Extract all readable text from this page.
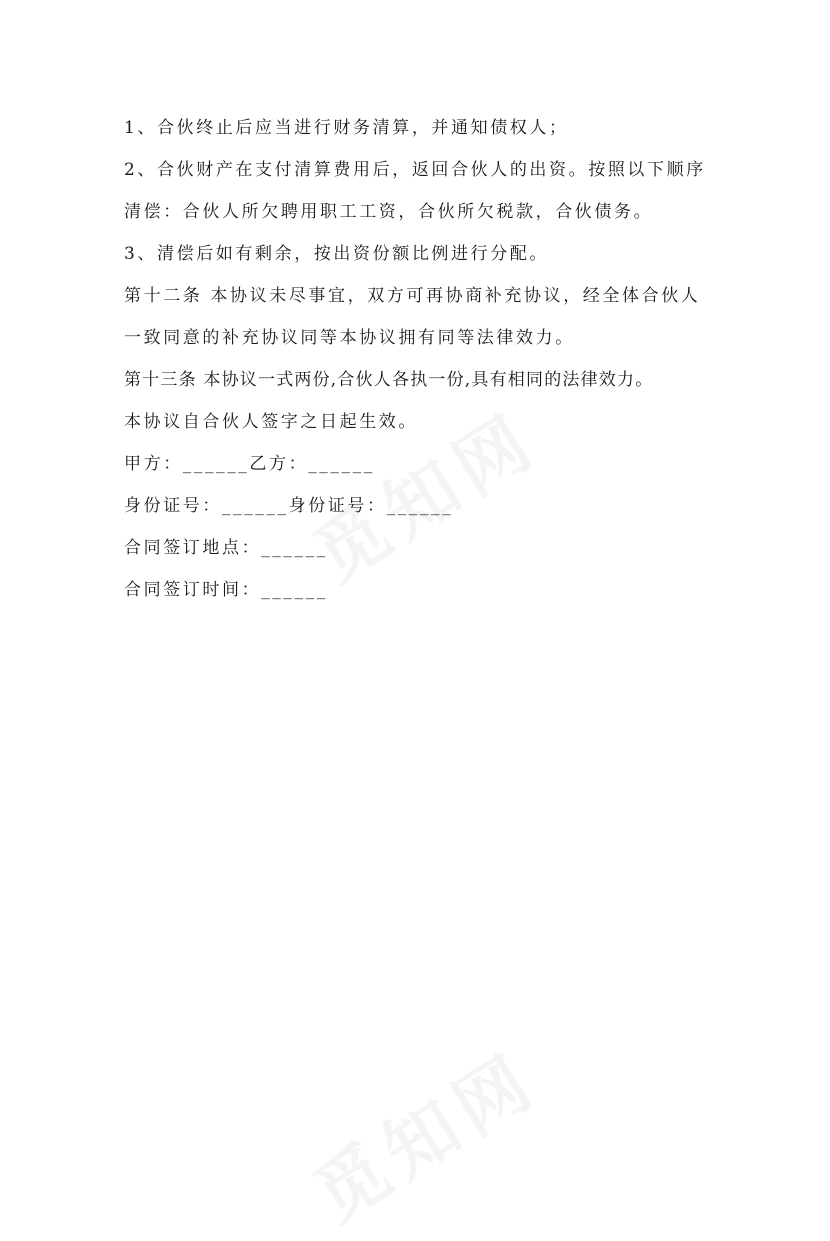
1、合伙终止后应当进行财务清算，并通知债权人；
2、合伙财产在支付清算费用后，返回合伙人的出资。按照以下顺序
清偿：合伙人所欠聘用职工工资，合伙所欠税款，合伙债务。
3、清偿后如有剩余，按出资份额比例进行分配。
第十二条 本协议未尽事宜，双方可再协商补充协议，经全体合伙人
一致同意的补充协议同等本协议拥有同等法律效力。
第十三条 本协议一式两份,合伙人各执一份,具有相同的法律效力。
本协议自合伙人签字之日起生效。
甲方：______乙方：______
身份证号：______身份证号：______
合同签订地点：______
合同签订时间：______
